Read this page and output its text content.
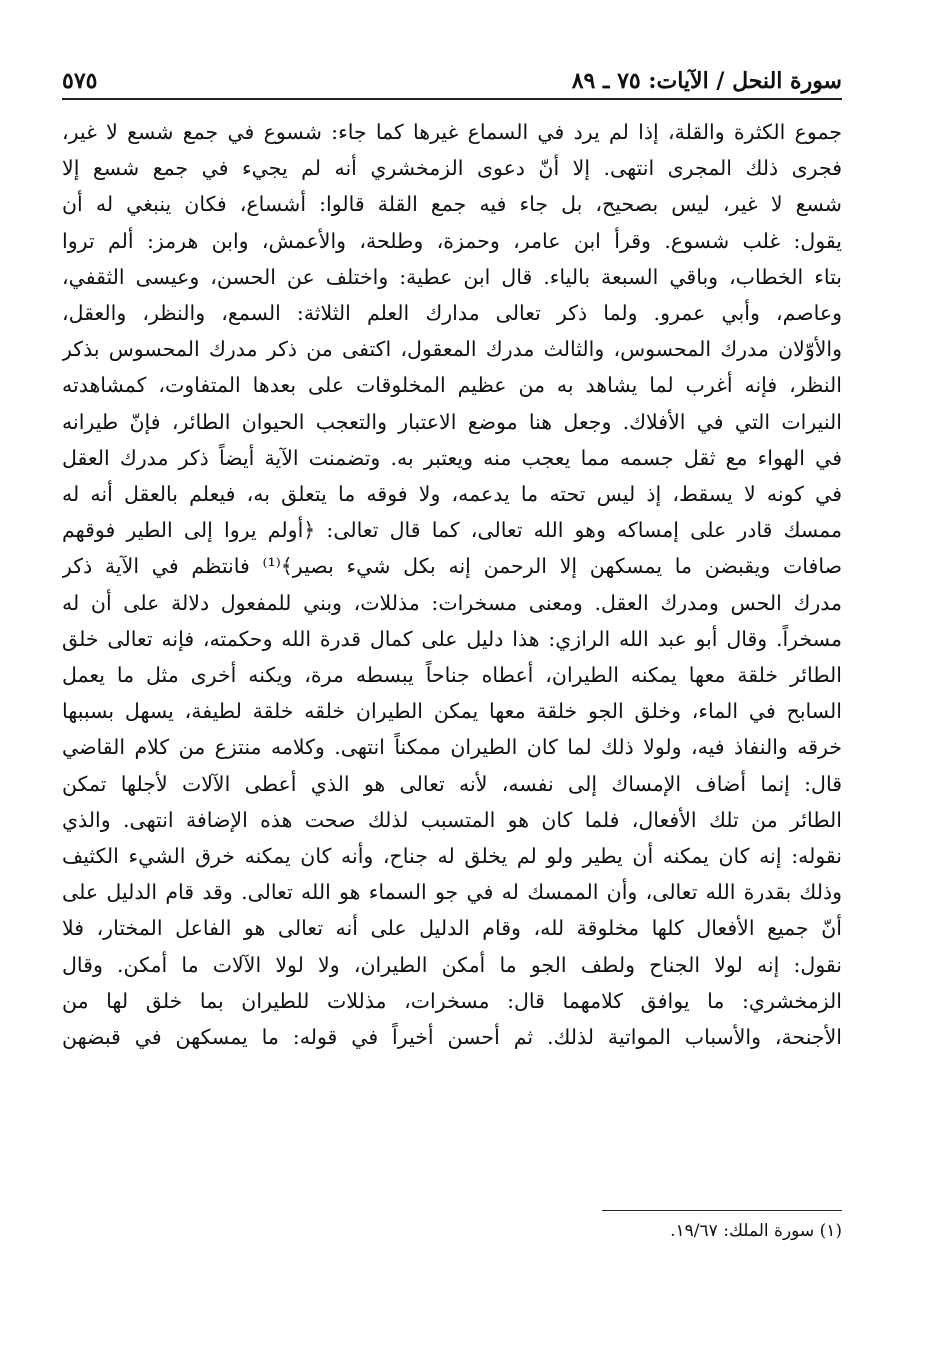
سورة النحل / الآيات: ٧٥ ـ ٨٩
٥٧٥
جموع الكثرة والقلة، إذا لم يرد في السماع غيرها كما جاء: شسوع في جمع شسع لا غير،
فجرى ذلك المجرى انتهى. إلا أنّ دعوى الزمخشري أنه لم يجيء في جمع شسع إلا
شسع لا غير، ليس بصحيح، بل جاء فيه جمع القلة قالوا: أشساع، فكان ينبغي له أن
يقول: غلب شسوع. وقرأ ابن عامر، وحمزة، وطلحة، والأعمش، وابن هرمز: ألم تروا
بتاء الخطاب، وباقي السبعة بالياء. قال ابن عطية: واختلف عن الحسن، وعيسى الثقفي،
وعاصم، وأبي عمرو. ولما ذكر تعالى مدارك العلم الثلاثة: السمع، والنظر، والعقل،
والأوّلان مدرك المحسوس، والثالث مدرك المعقول، اكتفى من ذكر مدرك المحسوس بذكر
النظر، فإنه أغرب لما يشاهد به من عظيم المخلوقات على بعدها المتفاوت، كمشاهدته
النيرات التي في الأفلاك. وجعل هنا موضع الاعتبار والتعجب الحيوان الطائر، فإنّ طيرانه
في الهواء مع ثقل جسمه مما يعجب منه ويعتبر به. وتضمنت الآية أيضاً ذكر مدرك العقل
في كونه لا يسقط، إذ ليس تحته ما يدعمه، ولا فوقه ما يتعلق به، فيعلم بالعقل أنه له
ممسك قادر على إمساكه وهو الله تعالى، كما قال تعالى: ﴿أولم يروا إلى الطير فوقهم
صافات ويقبضن ما يمسكهن إلا الرحمن إنه بكل شيء بصير﴾⁽¹⁾ فانتظم في الآية ذكر
مدرك الحس ومدرك العقل. ومعنى مسخرات: مذللات، وبني للمفعول دلالة على أن له
مسخراً. وقال أبو عبد الله الرازي: هذا دليل على كمال قدرة الله وحكمته، فإنه تعالى خلق
الطائر خلقة معها يمكنه الطيران، أعطاه جناحاً يبسطه مرة، ويكنه أخرى مثل ما يعمل
السابح في الماء، وخلق الجو خلقة معها يمكن الطيران خلقه خلقة لطيفة، يسهل بسببها
خرقه والنفاذ فيه، ولولا ذلك لما كان الطيران ممكناً انتهى. وكلامه منتزع من كلام القاضي
قال: إنما أضاف الإمساك إلى نفسه، لأنه تعالى هو الذي أعطى الآلات لأجلها تمكن
الطائر من تلك الأفعال، فلما كان هو المتسبب لذلك صحت هذه الإضافة انتهى. والذي
نقوله: إنه كان يمكنه أن يطير ولو لم يخلق له جناح، وأنه كان يمكنه خرق الشيء الكثيف
وذلك بقدرة الله تعالى، وأن الممسك له في جو السماء هو الله تعالى. وقد قام الدليل على
أنّ جميع الأفعال كلها مخلوقة لله، وقام الدليل على أنه تعالى هو الفاعل المختار، فلا
نقول: إنه لولا الجناح ولطف الجو ما أمكن الطيران، ولا لولا الآلات ما أمكن. وقال
الزمخشري: ما يوافق كلامهما قال: مسخرات، مذللات للطيران بما خلق لها من
الأجنحة، والأسباب المواتية لذلك. ثم أحسن أخيراً في قوله: ما يمسكهن في قبضهن
(١) سورة الملك: ١٩/٦٧.
